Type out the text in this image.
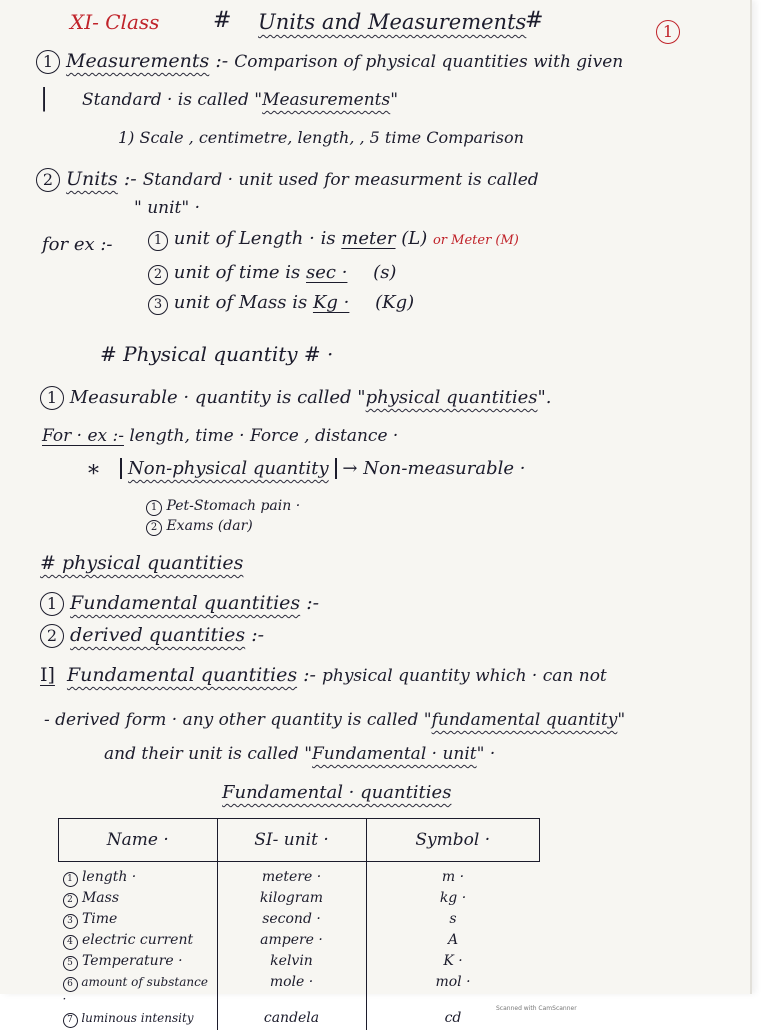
XI- Class # Units and Measurements
#	1
1 Measurements :- Comparison of physical quantities with given
| Standard · is called "Measurements"
1) Scale , centimetre, length, , 5 time Comparison
2 Units :- Standard · unit used for measurment is called
" unit" ·
for ex :-	1 unit of Length · is meter (L) or Meter (M)
2 unit of time is sec · (s)
3 unit of Mass is Kg · (Kg)
# Physical quantity # ·
1 Measurable · quantity is called "physical quantities".
For · ex :- length, time · Force , distance ·
*	Non-physical quantity → Non-measurable ·
1 Pet-Stomach pain ·
2 Exams (dar)
# physical quantities
1 Fundamental quantities :-
2 derived quantities :-
I] Fundamental quantities :- physical quantity which · can not
- derived form · any other quantity is called "fundamental quantity"
and their unit is called "Fundamental · unit" ·
Fundamental · quantities
Name ·	SI- unit ·	Symbol ·
1 length ·	metere ·	m ·
2 Mass	kilogram	kg ·
3 Time	second ·	s
4 electric current	ampere ·	A
5 Temperature ·	kelvin	K ·
6 amount of substance ·	mole ·	mol ·
7 luminous intensity	candela	cd
Scanned with CamScanner
